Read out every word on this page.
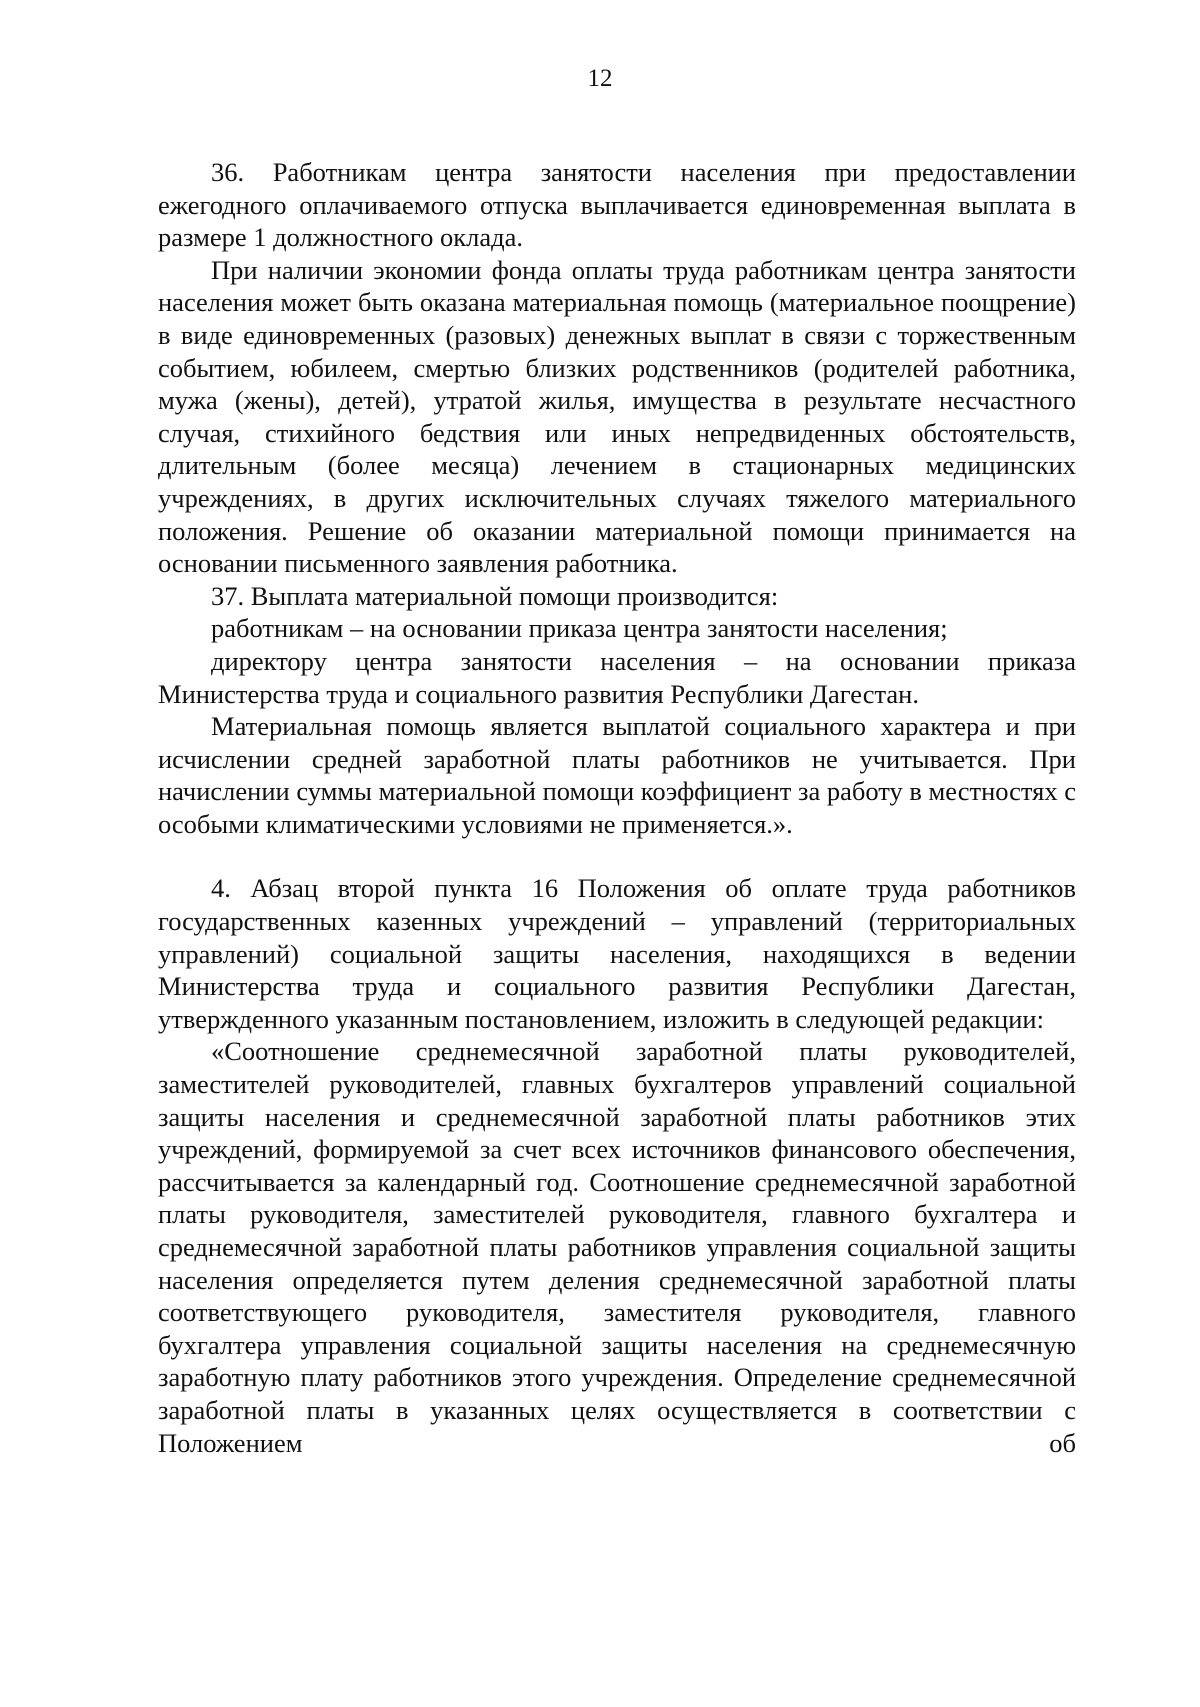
12

36. Работникам центра занятости населения при предоставлении ежегодного оплачиваемого отпуска выплачивается единовременная выплата в размере 1 должностного оклада.

При наличии экономии фонда оплаты труда работникам центра занятости населения может быть оказана материальная помощь (материальное поощрение) в виде единовременных (разовых) денежных выплат в связи с торжественным событием, юбилеем, смертью близких родственников (родителей работника, мужа (жены), детей), утратой жилья, имущества в результате несчастного случая, стихийного бедствия или иных непредвиденных обстоятельств, длительным (более месяца) лечением в стационарных медицинских учреждениях, в других исключительных случаях тяжелого материального положения. Решение об оказании материальной помощи принимается на основании письменного заявления работника.

37. Выплата материальной помощи производится:

работникам – на основании приказа центра занятости населения;

директору центра занятости населения – на основании приказа Министерства труда и социального развития Республики Дагестан.

Материальная помощь является выплатой социального характера и при исчислении средней заработной платы работников не учитывается. При начислении суммы материальной помощи коэффициент за работу в местностях с особыми климатическими условиями не применяется.».

4. Абзац второй пункта 16 Положения об оплате труда работников государственных казенных учреждений – управлений (территориальных управлений) социальной защиты населения, находящихся в ведении Министерства труда и социального развития Республики Дагестан, утвержденного указанным постановлением, изложить в следующей редакции:

«Соотношение среднемесячной заработной платы руководителей, заместителей руководителей, главных бухгалтеров управлений социальной защиты населения и среднемесячной заработной платы работников этих учреждений, формируемой за счет всех источников финансового обеспечения, рассчитывается за календарный год. Соотношение среднемесячной заработной платы руководителя, заместителей руководителя, главного бухгалтера и среднемесячной заработной платы работников управления социальной защиты населения определяется путем деления среднемесячной заработной платы соответствующего руководителя, заместителя руководителя, главного бухгалтера управления социальной защиты населения на среднемесячную заработную плату работников этого учреждения. Определение среднемесячной заработной платы в указанных целях осуществляется в соответствии с Положением об
